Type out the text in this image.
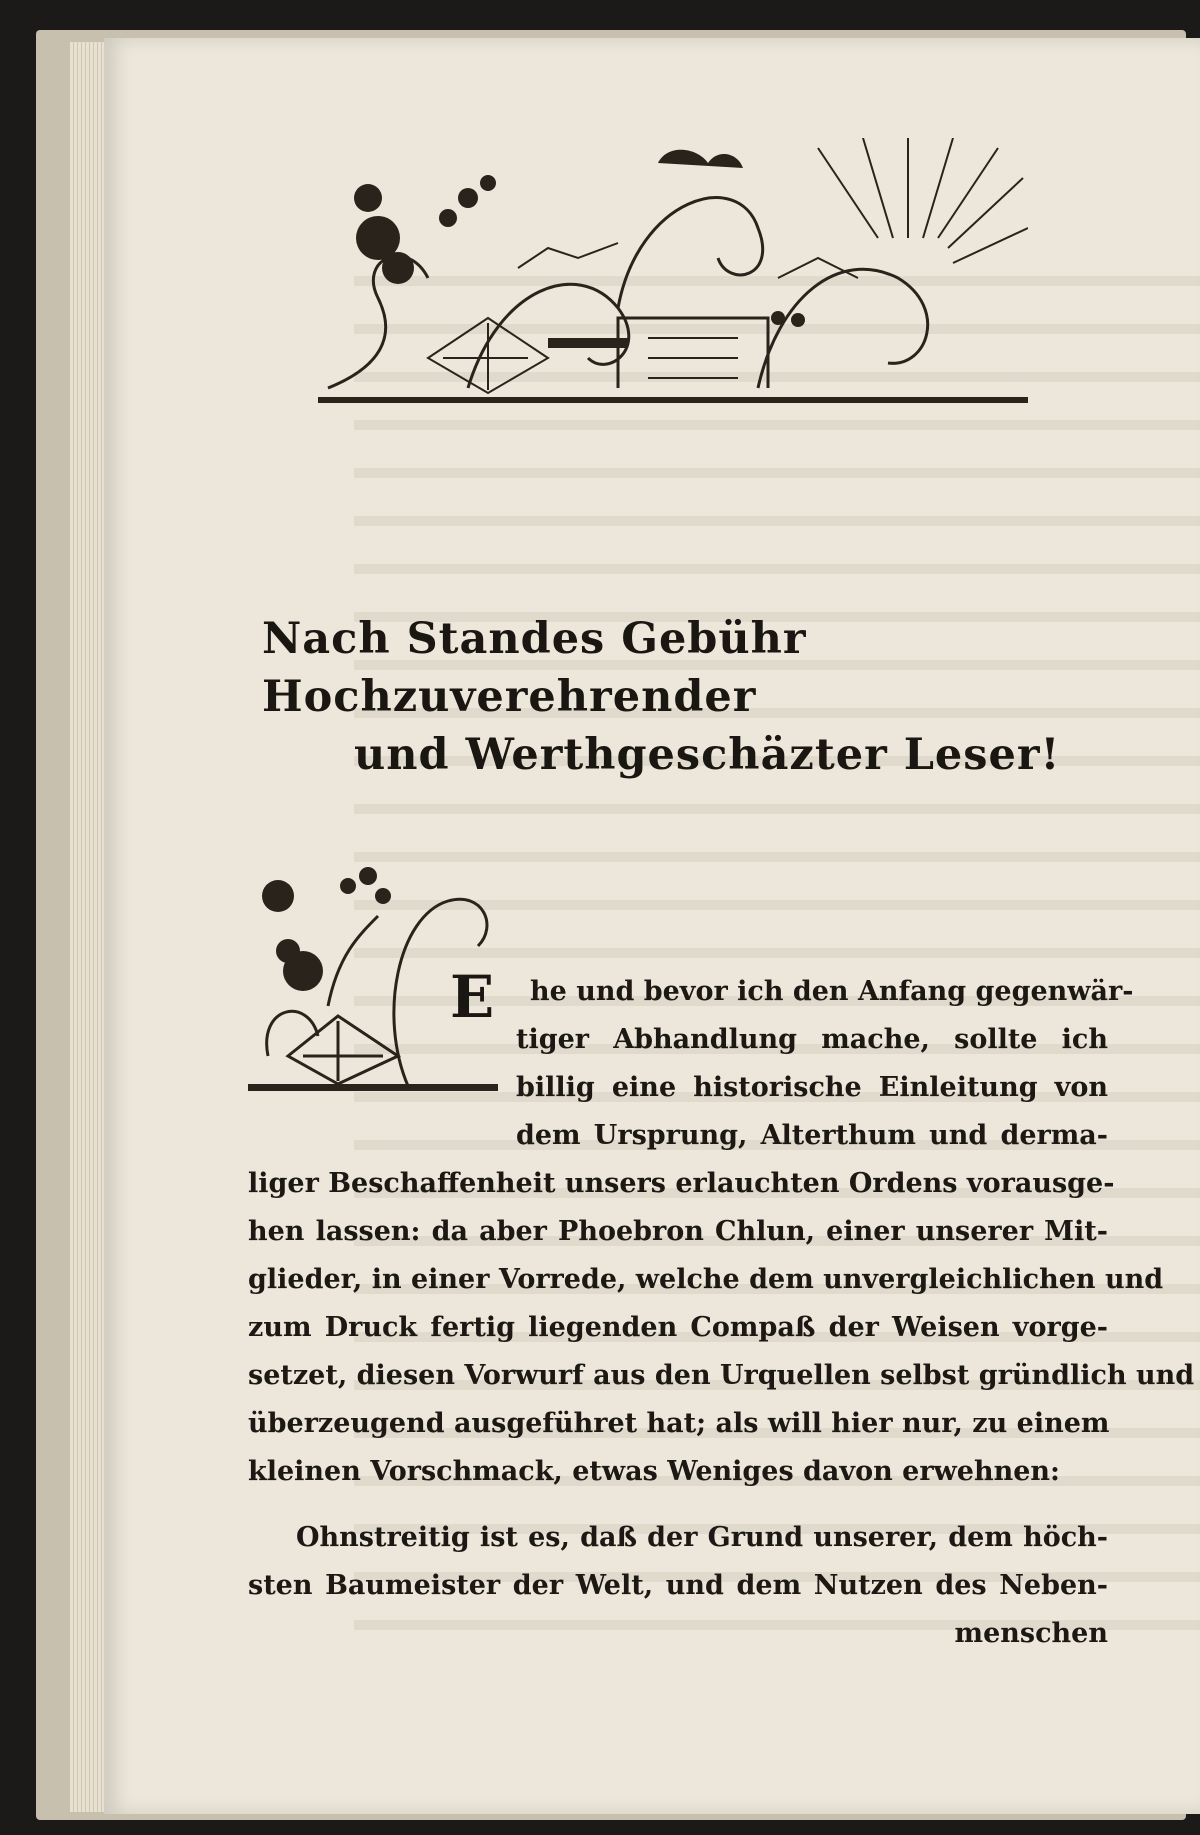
Nach Standes Gebühr Hochzuverehrender
und Werthgeschäzter Leser!
E	he und bevor ich den Anfang gegenwär-
tiger Abhandlung mache, sollte ich
billig eine historische Einleitung von
dem Ursprung, Alterthum und derma-
liger Beschaffenheit unsers erlauchten Ordens vorausge-
hen lassen: da aber Phoebron Chlun, einer unserer Mit-
glieder, in einer Vorrede, welche dem unvergleichlichen und
zum Druck fertig liegenden Compaß der Weisen vorge-
setzet, diesen Vorwurf aus den Urquellen selbst gründlich und
überzeugend ausgeführet hat; als will hier nur, zu einem
kleinen Vorschmack, etwas Weniges davon erwehnen:
Ohnstreitig ist es, daß der Grund unserer, dem höch-
sten Baumeister der Welt, und dem Nutzen des Neben-
menschen
